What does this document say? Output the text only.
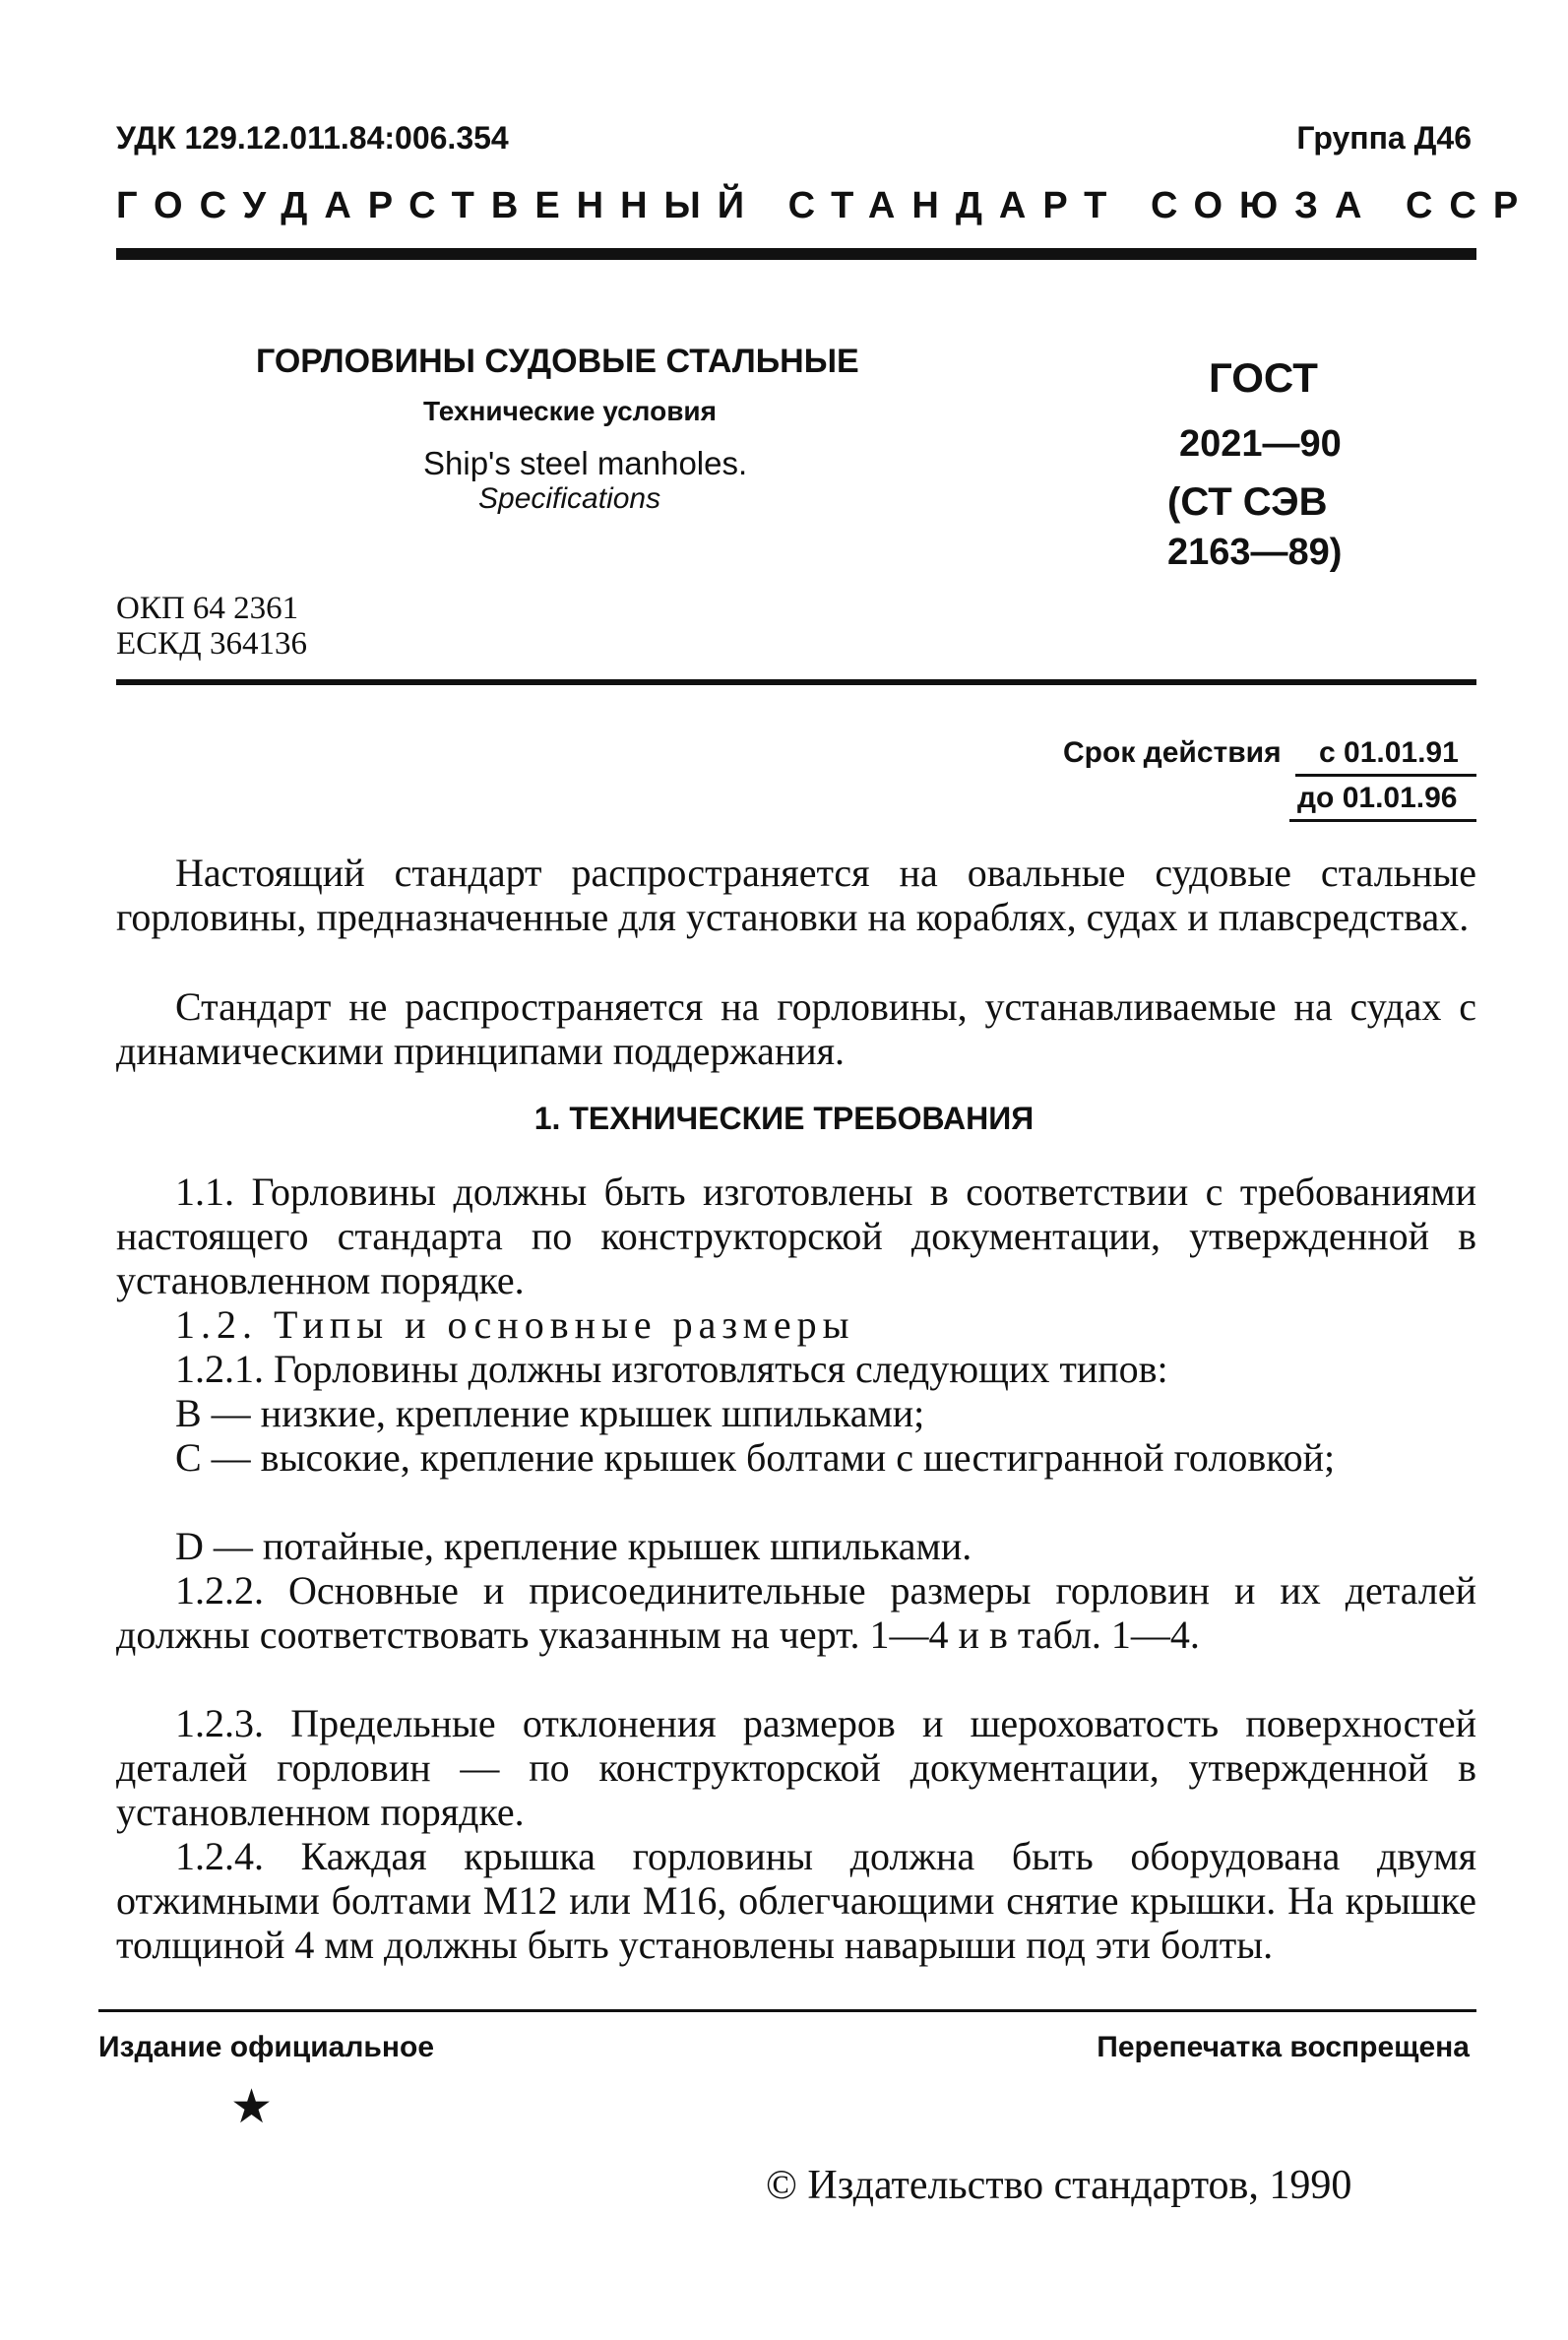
УДК 129.12.011.84:006.354	Группа Д46
ГОСУДАРСТВЕННЫЙ СТАНДАРТ СОЮЗА ССР
ГОРЛОВИНЫ СУДОВЫЕ СТАЛЬНЫЕ
Технические условия
Ship's steel manholes.
Specifications
ГОСТ
2021—90
(СТ СЭВ
2163—89)
ОКП 64 2361
ЕСКД 364136
Срок действия с 01.01.91
до 01.01.96

Настоящий стандарт распространяется на овальные судовые стальные горловины, предназначенные для установки на кораблях, судах и плавсредствах.

Стандарт не распространяется на горловины, устанавливаемые на судах с динамическими принципами поддержания.

1. ТЕХНИЧЕСКИЕ ТРЕБОВАНИЯ

1.1. Горловины должны быть изготовлены в соответствии с требованиями настоящего стандарта по конструкторской документации, утвержденной в установленном порядке.

1.2. Типы и основные размеры

1.2.1. Горловины должны изготовляться следующих типов:

B — низкие, крепление крышек шпильками;

C — высокие, крепление крышек болтами с шестигранной головкой;

D — потайные, крепление крышек шпильками.

1.2.2. Основные и присоединительные размеры горловин и их деталей должны соответствовать указанным на черт. 1—4 и в табл. 1—4.

1.2.3. Предельные отклонения размеров и шероховатость поверхностей деталей горловин — по конструкторской документации, утвержденной в установленном порядке.

1.2.4. Каждая крышка горловины должна быть оборудована двумя отжимными болтами M12 или M16, облегчающими снятие крышки. На крышке толщиной 4 мм должны быть установлены наварыши под эти болты.

Издание официальное	Перепечатка воспрещена
★
© Издательство стандартов, 1990
